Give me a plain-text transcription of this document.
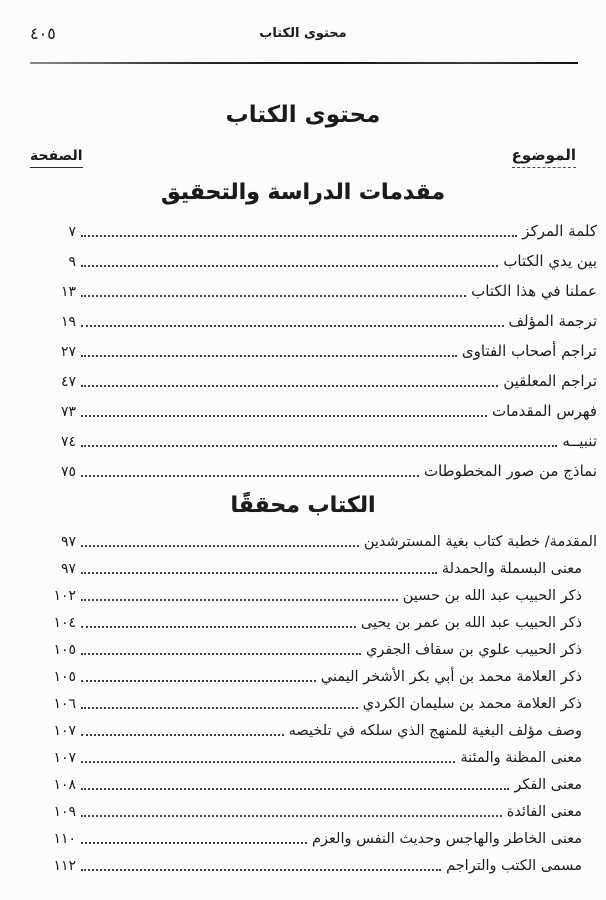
٤٠٥	محتوى الكتاب
محتوى الكتاب
الموضوع
الصفحة
مقدمات الدراسة والتحقيق
كلمة المركز
٧
بين يدي الكتاب
٩
عملنا في هذا الكتاب
١٣
ترجمة المؤلف
١٩
تراجم أصحاب الفتاوى
٢٧
تراجم المعلقين
٤٧
فهرس المقدمات
٧٣
تنبيــه
٧٤
نماذج من صور المخطوطات
٧٥
الكتاب محققًا
المقدمة/ خطبة كتاب بغية المسترشدين
٩٧
معنى البسملة والحمدلة
٩٧
ذكر الحبيب عبد الله بن حسين
١٠٢
ذكر الحبيب عبد الله بن عمر بن يحيى
١٠٤
ذكر الحبيب علوي بن سقاف الجفري
١٠٥
ذكر العلامة محمد بن أبي بكر الأشخر اليمني
١٠٥
ذكر العلامة محمد بن سليمان الكردي
١٠٦
وصف مؤلف البغية للمنهج الذي سلكه في تلخيصه
١٠٧
معنى المظنة والمئنة
١٠٧
معنى الفكر
١٠٨
معنى الفائدة
١٠٩
معنى الخاطر والهاجس وحديث النفس والعزم
١١٠
مسمى الكتب والتراجم
١١٢
